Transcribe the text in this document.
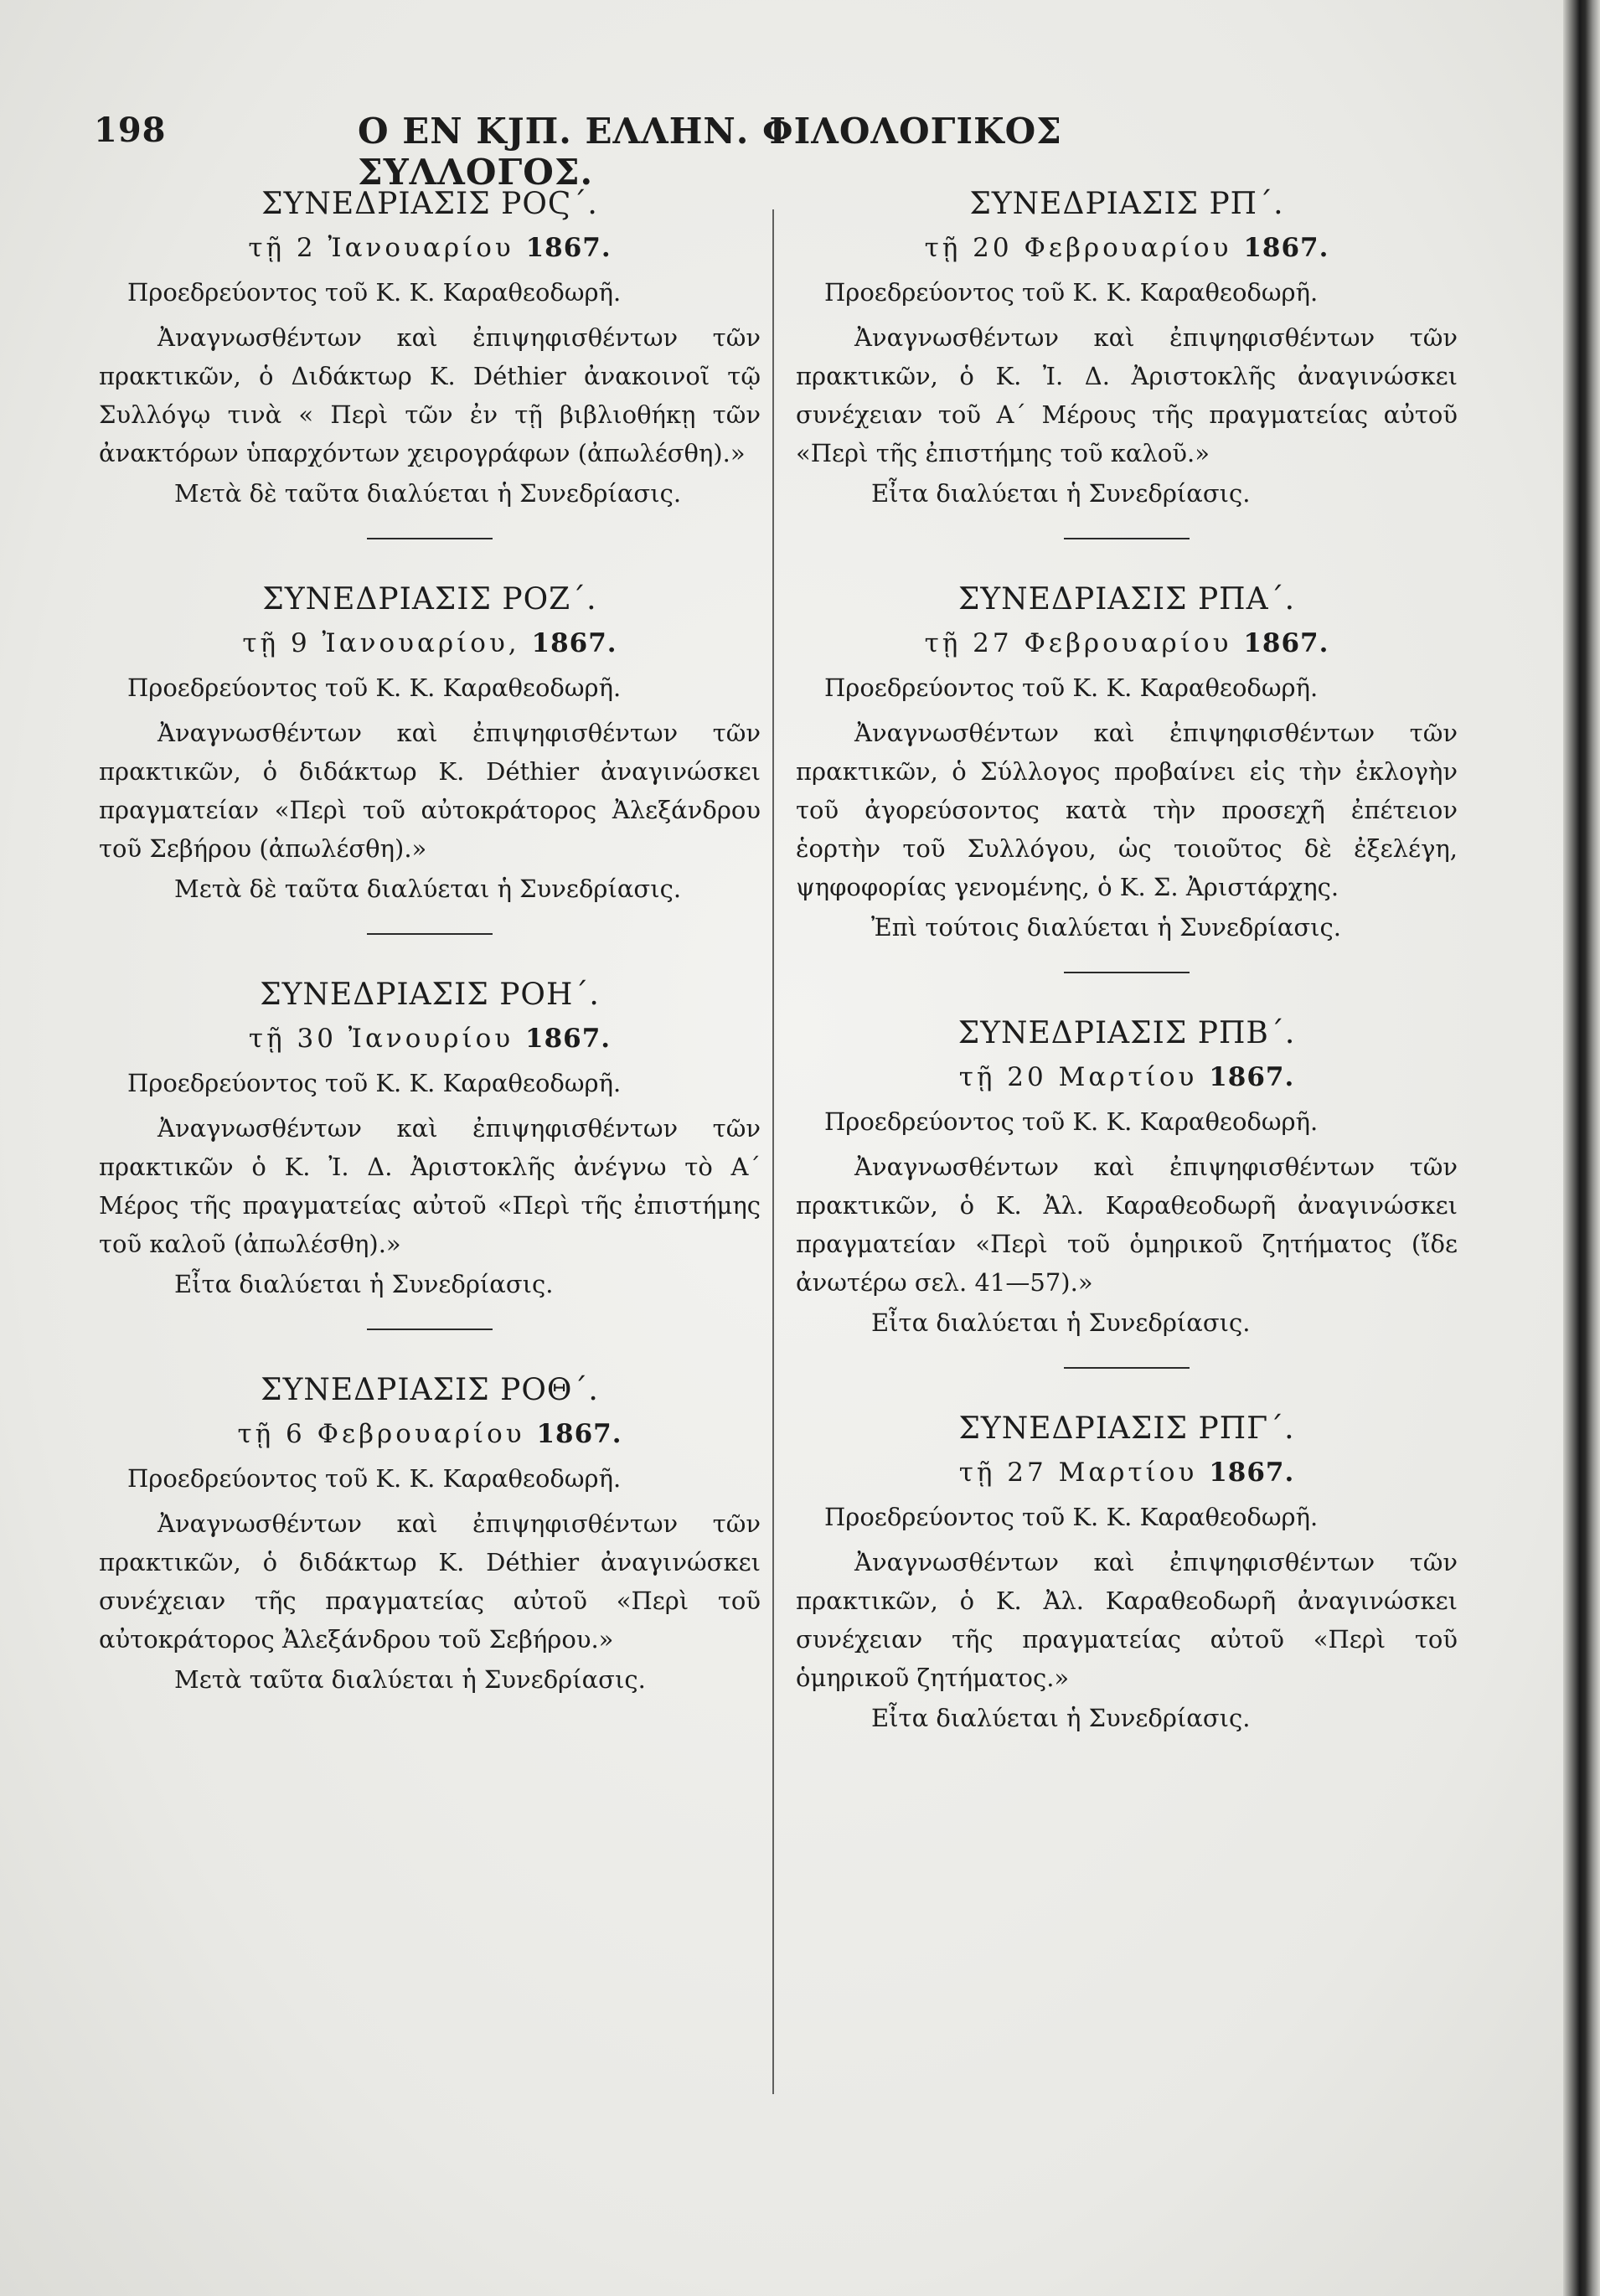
198	Ο ΕΝ ΚJΠ. ΕΛΛΗΝ. ΦΙΛΟΛΟΓΙΚΟΣ ΣΥΛΛΟΓΟΣ.
ΣΥΝΕΔΡΙΑΣΙΣ ΡΟϚ΄.

τῇ 2 Ἰανουαρίου 1867.

Προεδρεύοντος τοῦ Κ. Κ. Καραθεοδωρῆ.

Ἀναγνωσθέντων καὶ ἐπιψηφισθέντων τῶν πρακτικῶν, ὁ Διδάκτωρ Κ. Déthier ἀνακοινοῖ τῷ Συλλόγῳ τινὰ « Περὶ τῶν ἐν τῇ βιβλιοθήκῃ τῶν ἀνακτόρων ὑπαρχόντων χειρογράφων (ἀπωλέσθη).»

Μετὰ δὲ ταῦτα διαλύεται ἡ Συνεδρίασις.

ΣΥΝΕΔΡΙΑΣΙΣ ΡΟΖ΄.

τῇ 9 Ἰανουαρίου, 1867.

Προεδρεύοντος τοῦ Κ. Κ. Καραθεοδωρῆ.

Ἀναγνωσθέντων καὶ ἐπιψηφισθέντων τῶν πρακτικῶν, ὁ διδάκτωρ Κ. Déthier ἀναγινώσκει πραγματείαν «Περὶ τοῦ αὐτοκράτορος Ἀλεξάνδρου τοῦ Σεβήρου (ἀπωλέσθη).»

Μετὰ δὲ ταῦτα διαλύεται ἡ Συνεδρίασις.

ΣΥΝΕΔΡΙΑΣΙΣ ΡΟΗ΄.

τῇ 30 Ἰανουρίου 1867.

Προεδρεύοντος τοῦ Κ. Κ. Καραθεοδωρῆ.

Ἀναγνωσθέντων καὶ ἐπιψηφισθέντων τῶν πρακτικῶν ὁ Κ. Ἰ. Δ. Ἀριστοκλῆς ἀνέγνω τὸ Α΄ Μέρος τῆς πραγματείας αὐτοῦ «Περὶ τῆς ἐπιστήμης τοῦ καλοῦ (ἀπωλέσθη).»

Εἶτα διαλύεται ἡ Συνεδρίασις.

ΣΥΝΕΔΡΙΑΣΙΣ ΡΟΘ΄.

τῇ 6 Φεβρουαρίου 1867.

Προεδρεύοντος τοῦ Κ. Κ. Καραθεοδωρῆ.

Ἀναγνωσθέντων καὶ ἐπιψηφισθέντων τῶν πρακτικῶν, ὁ διδάκτωρ Κ. Déthier ἀναγινώσκει συνέχειαν τῆς πραγματείας αὐτοῦ «Περὶ τοῦ αὐτοκράτορος Ἀλεξάνδρου τοῦ Σεβήρου.»

Μετὰ ταῦτα διαλύεται ἡ Συνεδρίασις.

ΣΥΝΕΔΡΙΑΣΙΣ ΡΠ΄.

τῇ 20 Φεβρουαρίου 1867.

Προεδρεύοντος τοῦ Κ. Κ. Καραθεοδωρῆ.

Ἀναγνωσθέντων καὶ ἐπιψηφισθέντων τῶν πρακτικῶν, ὁ Κ. Ἰ. Δ. Ἀριστοκλῆς ἀναγινώσκει συνέχειαν τοῦ Α΄ Μέρους τῆς πραγματείας αὐτοῦ «Περὶ τῆς ἐπιστήμης τοῦ καλοῦ.»

Εἶτα διαλύεται ἡ Συνεδρίασις.

ΣΥΝΕΔΡΙΑΣΙΣ ΡΠΑ΄.

τῇ 27 Φεβρουαρίου 1867.

Προεδρεύοντος τοῦ Κ. Κ. Καραθεοδωρῆ.

Ἀναγνωσθέντων καὶ ἐπιψηφισθέντων τῶν πρακτικῶν, ὁ Σύλλογος προβαίνει εἰς τὴν ἐκλογὴν τοῦ ἀγορεύσοντος κατὰ τὴν προσεχῆ ἐπέτειον ἑορτὴν τοῦ Συλλόγου, ὡς τοιοῦτος δὲ ἐξελέγη, ψηφοφορίας γενομένης, ὁ Κ. Σ. Ἀριστάρχης.

Ἐπὶ τούτοις διαλύεται ἡ Συνεδρίασις.

ΣΥΝΕΔΡΙΑΣΙΣ ΡΠΒ΄.

τῇ 20 Μαρτίου 1867.

Προεδρεύοντος τοῦ Κ. Κ. Καραθεοδωρῆ.

Ἀναγνωσθέντων καὶ ἐπιψηφισθέντων τῶν πρακτικῶν, ὁ Κ. Ἀλ. Καραθεοδωρῆ ἀναγινώσκει πραγματείαν «Περὶ τοῦ ὁμηρικοῦ ζητήματος (ἴδε ἀνωτέρω σελ. 41—57).»

Εἶτα διαλύεται ἡ Συνεδρίασις.

ΣΥΝΕΔΡΙΑΣΙΣ ΡΠΓ΄.

τῇ 27 Μαρτίου 1867.

Προεδρεύοντος τοῦ Κ. Κ. Καραθεοδωρῆ.

Ἀναγνωσθέντων καὶ ἐπιψηφισθέντων τῶν πρακτικῶν, ὁ Κ. Ἀλ. Καραθεοδωρῆ ἀναγινώσκει συνέχειαν τῆς πραγματείας αὐτοῦ «Περὶ τοῦ ὁμηρικοῦ ζητήματος.»

Εἶτα διαλύεται ἡ Συνεδρίασις.
